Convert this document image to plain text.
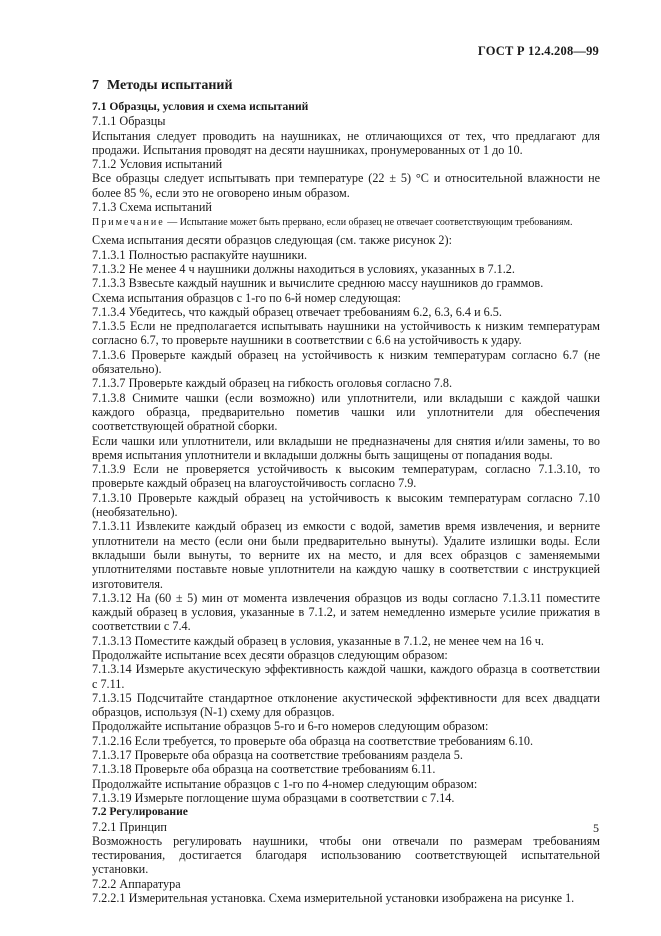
ГОСТ Р 12.4.208—99
7 Методы испытаний
7.1 Образцы, условия и схема испытаний
7.1.1 Образцы
Испытания следует проводить на наушниках, не отличающихся от тех, что предлагают для продажи. Испытания проводят на десяти наушниках, пронумерованных от 1 до 10.
7.1.2 Условия испытаний
Все образцы следует испытывать при температуре (22 ± 5) °С и относительной влажности не более 85 %, если это не оговорено иным образом.
7.1.3 Схема испытаний
Примечание — Испытание может быть прервано, если образец не отвечает соответствующим требованиям.
Схема испытания десяти образцов следующая (см. также рисунок 2):
7.1.3.1 Полностью распакуйте наушники.
7.1.3.2 Не менее 4 ч наушники должны находиться в условиях, указанных в 7.1.2.
7.1.3.3 Взвесьте каждый наушник и вычислите среднюю массу наушников до граммов.
Схема испытания образцов с 1-го по 6-й номер следующая:
7.1.3.4 Убедитесь, что каждый образец отвечает требованиям 6.2, 6.3, 6.4 и 6.5.
7.1.3.5 Если не предполагается испытывать наушники на устойчивость к низким температурам согласно 6.7, то проверьте наушники в соответствии с 6.6 на устойчивость к удару.
7.1.3.6 Проверьте каждый образец на устойчивость к низким температурам согласно 6.7 (не обязательно).
7.1.3.7 Проверьте каждый образец на гибкость оголовья согласно 7.8.
7.1.3.8 Снимите чашки (если возможно) или уплотнители, или вкладыши с каждой чашки каждого образца, предварительно пометив чашки или уплотнители для обеспечения соответствующей обратной сборки.
Если чашки или уплотнители, или вкладыши не предназначены для снятия и/или замены, то во время испытания уплотнители и вкладыши должны быть защищены от попадания воды.
7.1.3.9 Если не проверяется устойчивость к высоким температурам, согласно 7.1.3.10, то проверьте каждый образец на влагоустойчивость согласно 7.9.
7.1.3.10 Проверьте каждый образец на устойчивость к высоким температурам согласно 7.10 (необязательно).
7.1.3.11 Извлеките каждый образец из емкости с водой, заметив время извлечения, и верните уплотнители на место (если они были предварительно вынуты). Удалите излишки воды. Если вкладыши были вынуты, то верните их на место, и для всех образцов с заменяемыми уплотнителями поставьте новые уплотнители на каждую чашку в соответствии с инструкцией изготовителя.
7.1.3.12 На (60 ± 5) мин от момента извлечения образцов из воды согласно 7.1.3.11 поместите каждый образец в условия, указанные в 7.1.2, и затем немедленно измерьте усилие прижатия в соответствии с 7.4.
7.1.3.13 Поместите каждый образец в условия, указанные в 7.1.2, не менее чем на 16 ч.
Продолжайте испытание всех десяти образцов следующим образом:
7.1.3.14 Измерьте акустическую эффективность каждой чашки, каждого образца в соответствии с 7.11.
7.1.3.15 Подсчитайте стандартное отклонение акустической эффективности для всех двадцати образцов, используя (N-1) схему для образцов.
Продолжайте испытание образцов 5-го и 6-го номеров следующим образом:
7.1.2.16 Если требуется, то проверьте оба образца на соответствие требованиям 6.10.
7.1.3.17 Проверьте оба образца на соответствие требованиям раздела 5.
7.1.3.18 Проверьте оба образца на соответствие требованиям 6.11.
Продолжайте испытание образцов с 1-го по 4-номер следующим образом:
7.1.3.19 Измерьте поглощение шума образцами в соответствии с 7.14.
7.2 Регулирование
7.2.1 Принцип
Возможность регулировать наушники, чтобы они отвечали по размерам требованиям тестирования, достигается благодаря использованию соответствующей испытательной установки.
7.2.2 Аппаратура
7.2.2.1 Измерительная установка. Схема измерительной установки изображена на рисунке 1.
5
